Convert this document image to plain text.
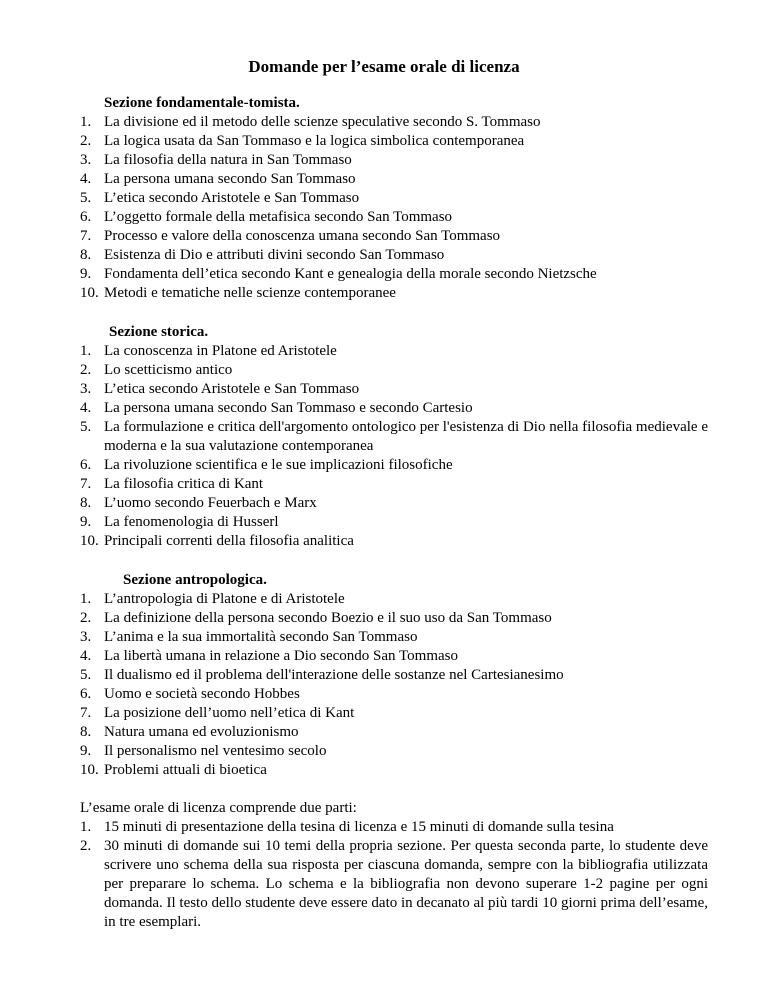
Domande per l’esame orale di licenza
Sezione fondamentale-tomista.
1. La divisione ed il metodo delle scienze speculative secondo S. Tommaso
2. La logica usata da San Tommaso e la logica simbolica contemporanea
3. La filosofia della natura in San Tommaso
4. La persona umana secondo San Tommaso
5. L’etica secondo Aristotele e San Tommaso
6. L’oggetto formale della metafisica secondo San Tommaso
7. Processo e valore della conoscenza umana secondo San Tommaso
8. Esistenza di Dio e attributi divini secondo San Tommaso
9. Fondamenta dell’etica secondo Kant e genealogia della morale secondo Nietzsche
10. Metodi e tematiche nelle scienze contemporanee
Sezione storica.
1. La conoscenza in Platone ed Aristotele
2. Lo scetticismo antico
3. L’etica secondo Aristotele e San Tommaso
4. La persona umana secondo San Tommaso e secondo Cartesio
5. La formulazione e critica dell'argomento ontologico per l'esistenza di Dio nella filosofia medievale e moderna e la sua valutazione contemporanea
6. La rivoluzione scientifica e le sue implicazioni filosofiche
7. La filosofia critica di Kant
8. L’uomo secondo Feuerbach e Marx
9. La fenomenologia di Husserl
10. Principali correnti della filosofia analitica
Sezione antropologica.
1. L’antropologia di Platone e di Aristotele
2. La definizione della persona secondo Boezio e il suo uso da San Tommaso
3. L’anima e la sua immortalità secondo San Tommaso
4. La libertà umana in relazione a Dio secondo San Tommaso
5. Il dualismo ed il problema dell'interazione delle sostanze nel Cartesianesimo
6. Uomo e società secondo Hobbes
7. La posizione dell’uomo nell’etica di Kant
8. Natura umana ed evoluzionismo
9. Il personalismo nel ventesimo secolo
10. Problemi attuali di bioetica
L’esame orale di licenza comprende due parti:
1. 15 minuti di presentazione della tesina di licenza e 15 minuti di domande sulla tesina
2. 30 minuti di domande sui 10 temi della propria sezione. Per questa seconda parte, lo studente deve scrivere uno schema della sua risposta per ciascuna domanda, sempre con la bibliografia utilizzata per preparare lo schema. Lo schema e la bibliografia non devono superare 1-2 pagine per ogni domanda. Il testo dello studente deve essere dato in decanato al più tardi 10 giorni prima dell’esame, in tre esemplari.
